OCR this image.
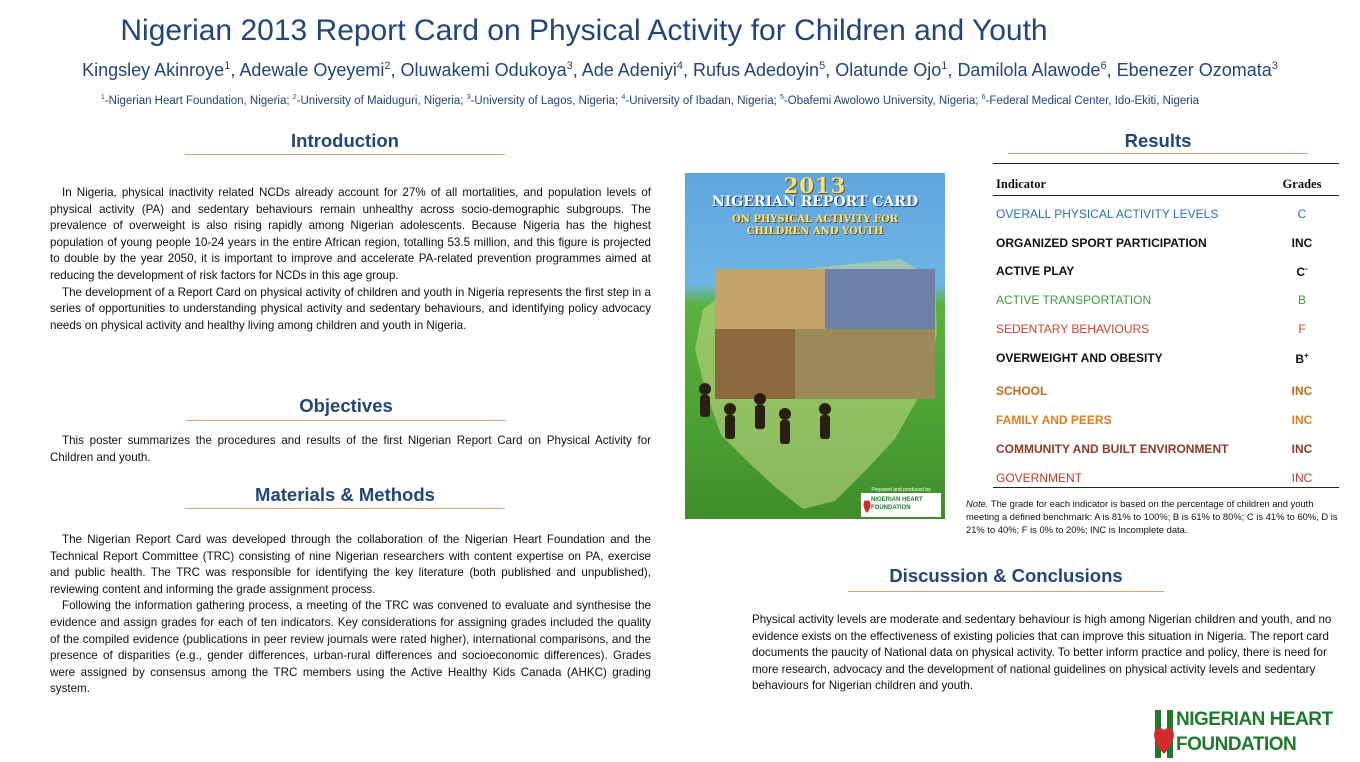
Nigerian 2013 Report Card on Physical Activity for Children and Youth
Kingsley Akinroye$^1$, Adewale Oyeyemi$^2$, Oluwakemi Odukoya$^3$, Ade Adeniyi$^4$, Rufus Adedoyin$^5$, Olatunde Ojo$^1$, Damilola Alawode$^6$, Ebenezer Ozomata$^3$
$^1$-Nigerian Heart Foundation, Nigeria; $^2$-University of Maiduguri, Nigeria; $^3$-University of Lagos, Nigeria; $^4$-University of Ibadan, Nigeria; $^5$-Obafemi Awolowo University, Nigeria; $^6$-Federal Medical Center, Ido-Ekiti, Nigeria
Introduction

In Nigeria, physical inactivity related NCDs already account for 27% of all mortalities, and population levels of physical activity (PA) and sedentary behaviours remain unhealthy across socio-demographic subgroups. The prevalence of overweight is also rising rapidly among Nigerian adolescents. Because Nigeria has the highest population of young people 10-24 years in the entire African region, totalling 53.5 million, and this figure is projected to double by the year 2050, it is important to improve and accelerate PA-related prevention programmes aimed at reducing the development of risk factors for NCDs in this age group.

The development of a Report Card on physical activity of children and youth in Nigeria represents the first step in a series of opportunities to understanding physical activity and sedentary behaviours, and identifying policy advocacy needs on physical activity and healthy living among children and youth in Nigeria.

Objectives

This poster summarizes the procedures and results of the first Nigerian Report Card on Physical Activity for Children and youth.

Materials & Methods

The Nigerian Report Card was developed through the collaboration of the Nigerian Heart Foundation and the Technical Report Committee (TRC) consisting of nine Nigerian researchers with content expertise on PA, exercise and public health. The TRC was responsible for identifying the key literature (both published and unpublished), reviewing content and informing the grade assignment process.

Following the information gathering process, a meeting of the TRC was convened to evaluate and synthesise the evidence and assign grades for each of ten indicators. Key considerations for assigning grades included the quality of the compiled evidence (publications in peer review journals were rated higher), international comparisons, and the presence of disparities (e.g., gender differences, urban-rural differences and socioeconomic differences). Grades were assigned by consensus among the TRC members using the Active Healthy Kids Canada (AHKC) grading system.

2013
NIGERIAN REPORT CARD
ON PHYSICAL ACTIVITY FOR
CHILDREN AND YOUTH
Prepared and produced by
NIGERIAN HEART
FOUNDATION
Results
Indicator	Grades
OVERALL PHYSICAL ACTIVITY LEVELS	C
ORGANIZED SPORT PARTICIPATION	INC
ACTIVE PLAY	C-
ACTIVE TRANSPORTATION	B
SEDENTARY BEHAVIOURS	F
OVERWEIGHT AND OBESITY	B+
SCHOOL	INC
FAMILY AND PEERS	INC
COMMUNITY AND BUILT ENVIRONMENT	INC
GOVERNMENT	INC
Note. The grade for each indicator is based on the percentage of children and youth meeting a defined benchmark: A is 81% to 100%; B is 61% to 80%; C is 41% to 60%, D is 21% to 40%; F is 0% to 20%; INC is Incomplete data.
Discussion & Conclusions

Physical activity levels are moderate and sedentary behaviour is high among Nigerian children and youth, and no evidence exists on the effectiveness of existing policies that can improve this situation in Nigeria. The report card documents the paucity of National data on physical activity. To better inform practice and policy, there is need for more research, advocacy and the development of national guidelines on physical activity levels and sedentary behaviours for Nigerian children and youth.

NIGERIAN HEART
FOUNDATION
